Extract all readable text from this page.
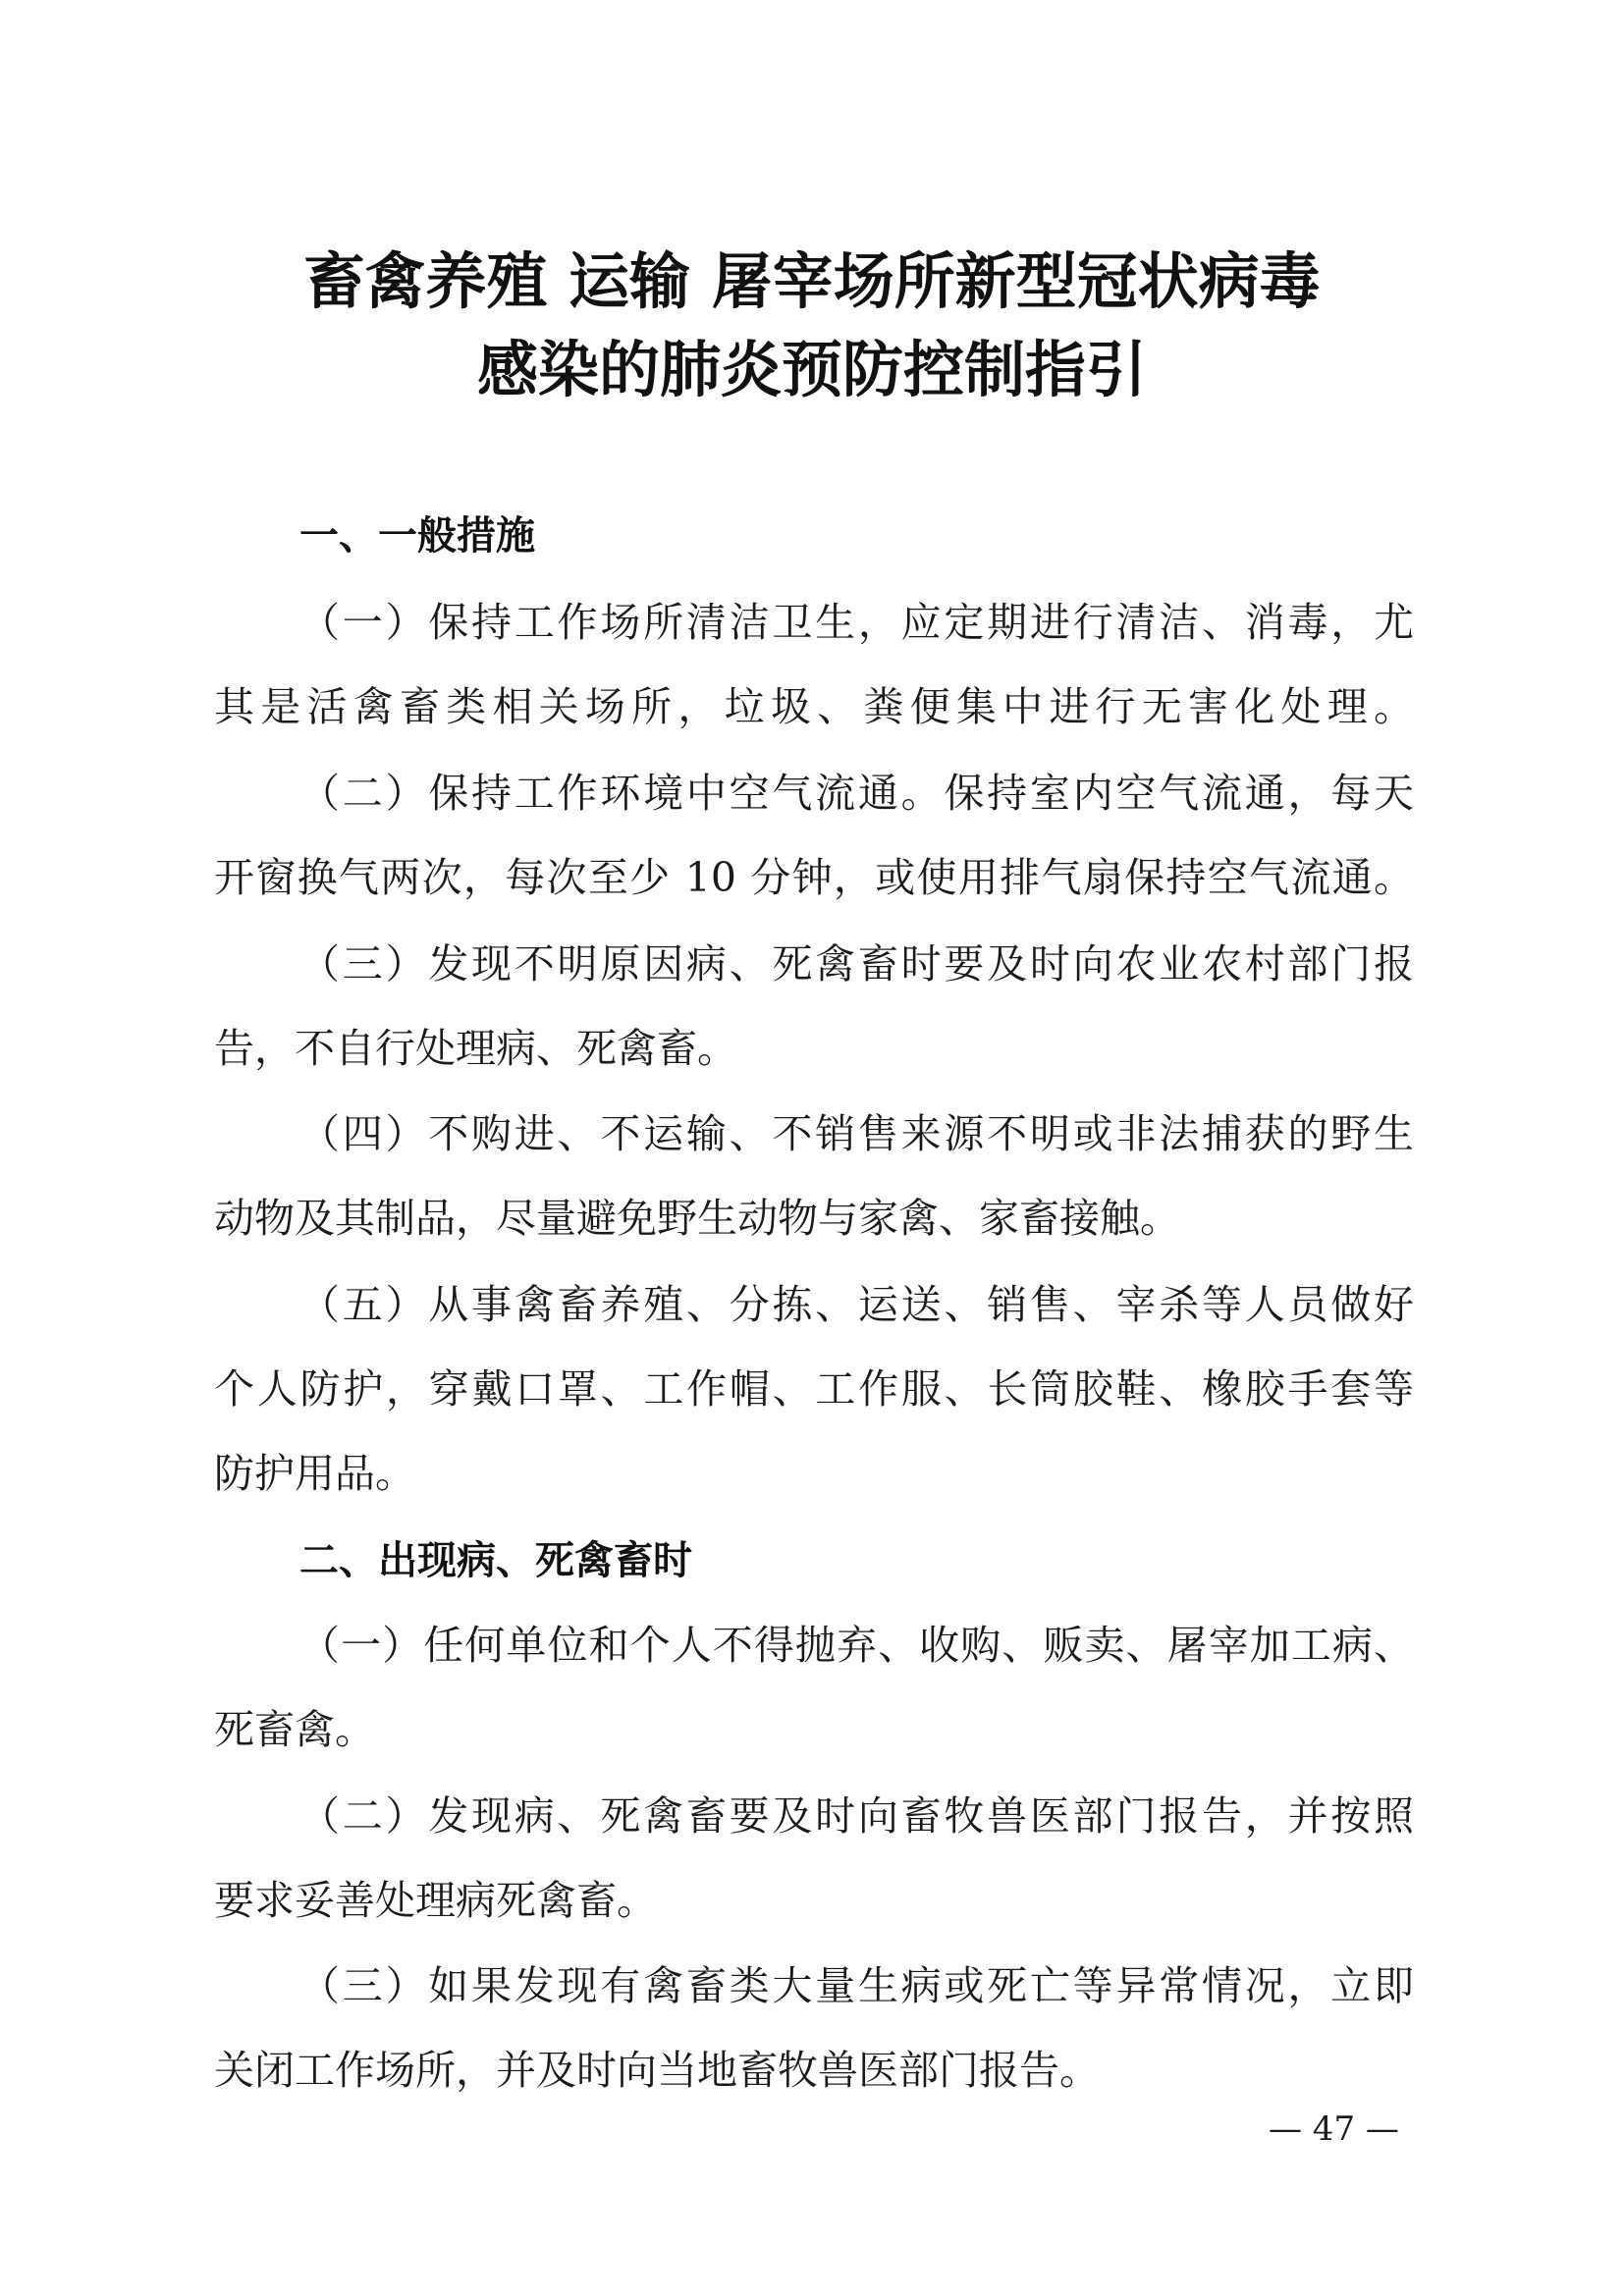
畜禽养殖 运输 屠宰场所新型冠状病毒
感染的肺炎预防控制指引
一、一般措施
（一）保持工作场所清洁卫生，应定期进行清洁、消毒，尤
其是活禽畜类相关场所，垃圾、粪便集中进行无害化处理。
（二）保持工作环境中空气流通。保持室内空气流通，每天
开窗换气两次，每次至少 10 分钟，或使用排气扇保持空气流通。
（三）发现不明原因病、死禽畜时要及时向农业农村部门报
告，不自行处理病、死禽畜。
（四）不购进、不运输、不销售来源不明或非法捕获的野生
动物及其制品，尽量避免野生动物与家禽、家畜接触。
（五）从事禽畜养殖、分拣、运送、销售、宰杀等人员做好
个人防护，穿戴口罩、工作帽、工作服、长筒胶鞋、橡胶手套等
防护用品。
二、出现病、死禽畜时
（一）任何单位和个人不得抛弃、收购、贩卖、屠宰加工病、
死畜禽。
（二）发现病、死禽畜要及时向畜牧兽医部门报告，并按照
要求妥善处理病死禽畜。
（三）如果发现有禽畜类大量生病或死亡等异常情况，立即
关闭工作场所，并及时向当地畜牧兽医部门报告。
— 47 —
